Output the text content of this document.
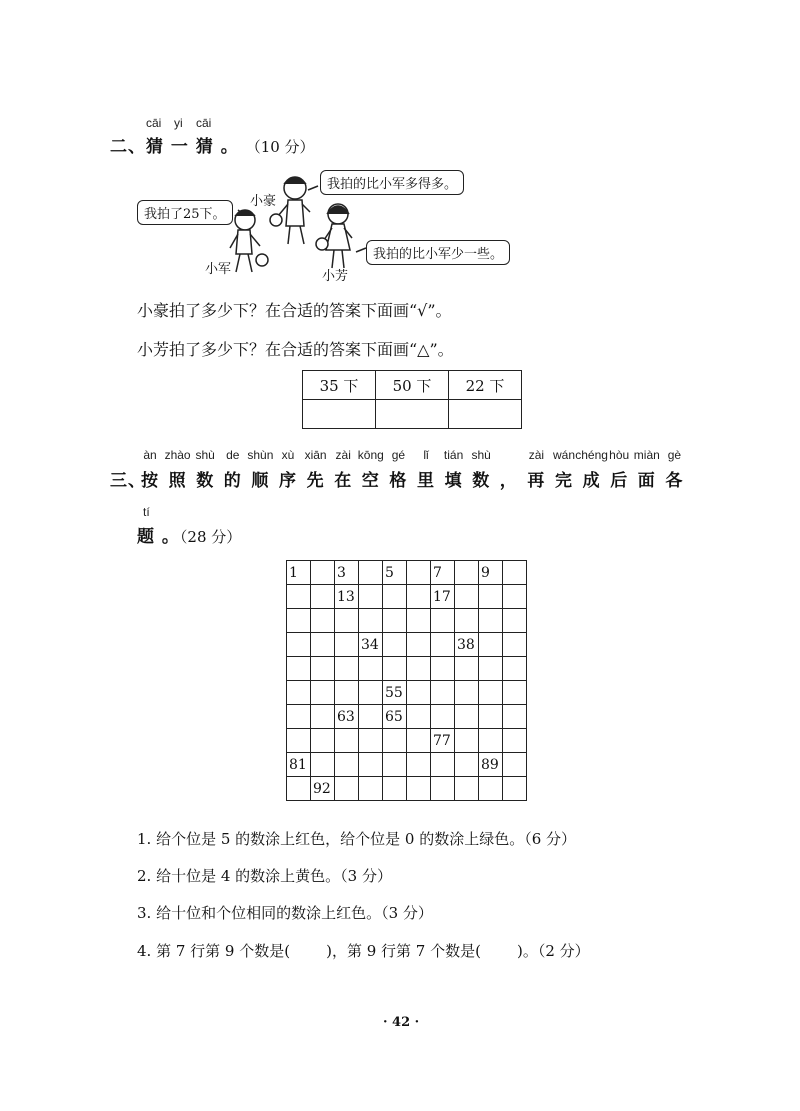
cāi yi cāi
二、猜 一 猜 。 （10 分）
我拍了25下。
我拍的比小军多得多。
我拍的比小军少一些。
小豪
小军	小芳
小豪拍了多少下？在合适的答案下面画“√”。
小芳拍了多少下？在合适的答案下面画“△”。
35 下	50 下	22 下

三、
àn
按
zhào
照
shù
数
de
的
shùn
顺
xù
序
xiān
先
zài
在
kōng
空
gé
格
lǐ
里
tián
填
shù
数 ，
zài
再
wán
完
chéng
成
hòu
后
miàn
面
gè
各
tí
题 。（28 分）
1		3		5		7		9	
		13				17			

			34				38		

				55					
		63		65					
						77			
81								89	
	92								
1. 给个位是 5 的数涂上红色，给个位是 0 的数涂上绿色。（6 分）
2. 给十位是 4 的数涂上黄色。（3 分）
3. 给十位和个位相同的数涂上红色。（3 分）
4. 第 7 行第 9 个数是( )，第 9 行第 7 个数是( )。（2 分）
· 42 ·
